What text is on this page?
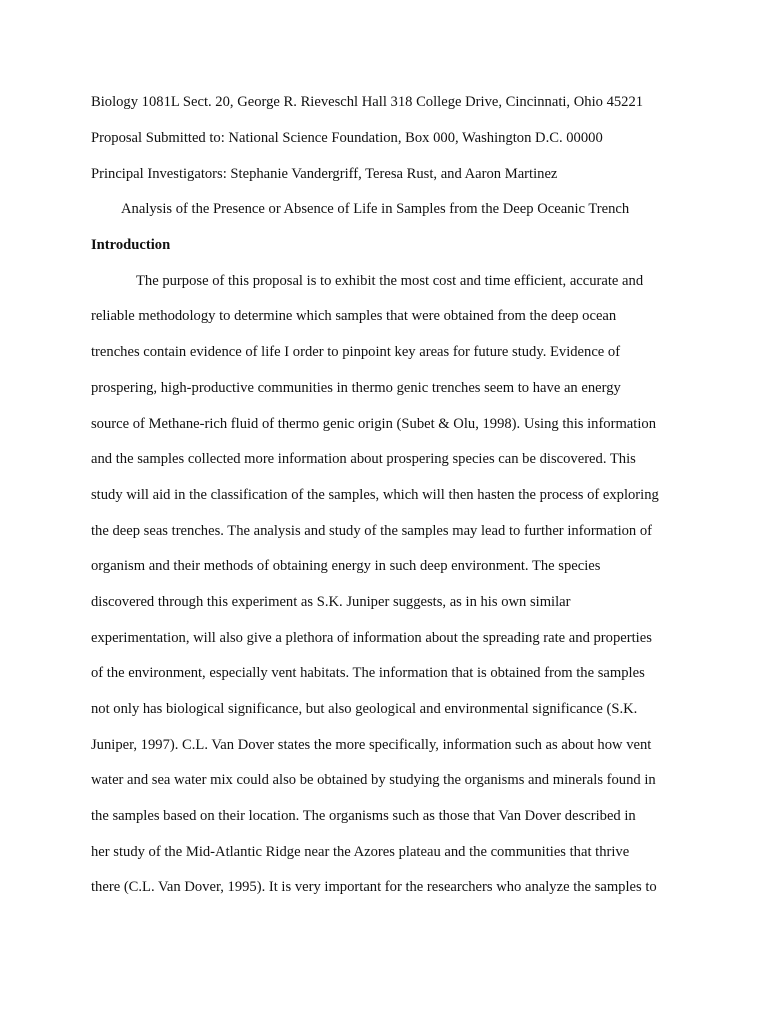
Biology 1081L Sect. 20, George R. Rieveschl Hall 318 College Drive, Cincinnati, Ohio 45221
Proposal Submitted to: National Science Foundation, Box 000, Washington D.C. 00000
Principal Investigators: Stephanie Vandergriff, Teresa Rust, and Aaron Martinez
Analysis of the Presence or Absence of Life in Samples from the Deep Oceanic Trench
Introduction
The purpose of this proposal is to exhibit the most cost and time efficient, accurate and
reliable methodology to determine which samples that were obtained from the deep ocean
trenches contain evidence of life I order to pinpoint key areas for future study. Evidence of
prospering, high-productive communities in thermo genic trenches seem to have an energy
source of Methane-rich fluid of thermo genic origin (Subet & Olu, 1998). Using this information
and the samples collected more information about prospering species can be discovered. This
study will aid in the classification of the samples, which will then hasten the process of exploring
the deep seas trenches. The analysis and study of the samples may lead to further information of
organism and their methods of obtaining energy in such deep environment. The species
discovered through this experiment as S.K. Juniper suggests, as in his own similar
experimentation, will also give a plethora of information about the spreading rate and properties
of the environment, especially vent habitats. The information that is obtained from the samples
not only has biological significance, but also geological and environmental significance (S.K.
Juniper, 1997). C.L. Van Dover states the more specifically, information such as about how vent
water and sea water mix could also be obtained by studying the organisms and minerals found in
the samples based on their location. The organisms such as those that Van Dover described in
her study of the Mid-Atlantic Ridge near the Azores plateau and the communities that thrive
there (C.L. Van Dover, 1995). It is very important for the researchers who analyze the samples to
